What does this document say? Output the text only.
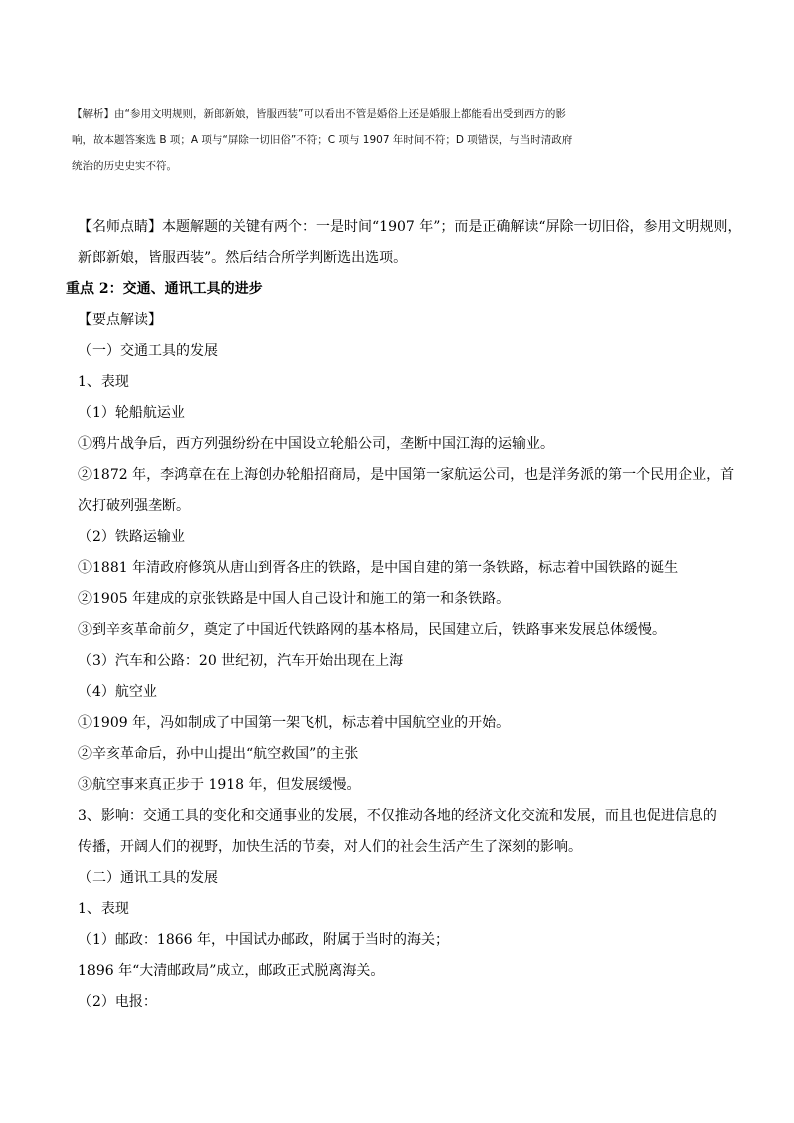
【解析】由“参用文明规则，新郎新娘，皆服西装”可以看出不管是婚俗上还是婚服上都能看出受到西方的影
响，故本题答案选 B 项；A 项与“屏除一切旧俗”不符；C 项与 1907 年时间不符；D 项错误，与当时清政府
统治的历史史实不符。
【名师点睛】本题解题的关键有两个：一是时间“1907 年”；而是正确解读“屏除一切旧俗，参用文明规则，
新郎新娘，皆服西装”。然后结合所学判断选出选项。
重点 2：交通、通讯工具的进步
【要点解读】
（一）交通工具的发展
1、表现
（1）轮船航运业
①鸦片战争后，西方列强纷纷在中国设立轮船公司，垄断中国江海的运输业。
②1872 年，李鸿章在在上海创办轮船招商局，是中国第一家航运公司，也是洋务派的第一个民用企业，首
次打破列强垄断。
（2）铁路运输业
①1881 年清政府修筑从唐山到胥各庄的铁路，是中国自建的第一条铁路，标志着中国铁路的诞生
②1905 年建成的京张铁路是中国人自己设计和施工的第一和条铁路。
③到辛亥革命前夕，奠定了中国近代铁路网的基本格局，民国建立后，铁路事来发展总体缓慢。
（3）汽车和公路：20 世纪初，汽车开始出现在上海
（4）航空业
①1909 年，冯如制成了中国第一架飞机，标志着中国航空业的开始。
②辛亥革命后，孙中山提出“航空救国”的主张
③航空事来真正步于 1918 年，但发展缓慢。
3、影响：交通工具的变化和交通事业的发展，不仅推动各地的经济文化交流和发展，而且也促进信息的
传播，开阔人们的视野，加快生活的节奏，对人们的社会生活产生了深刻的影响。
（二）通讯工具的发展
1、表现
（1）邮政：1866 年，中国试办邮政，附属于当时的海关；
1896 年“大清邮政局”成立，邮政正式脱离海关。
（2）电报：
